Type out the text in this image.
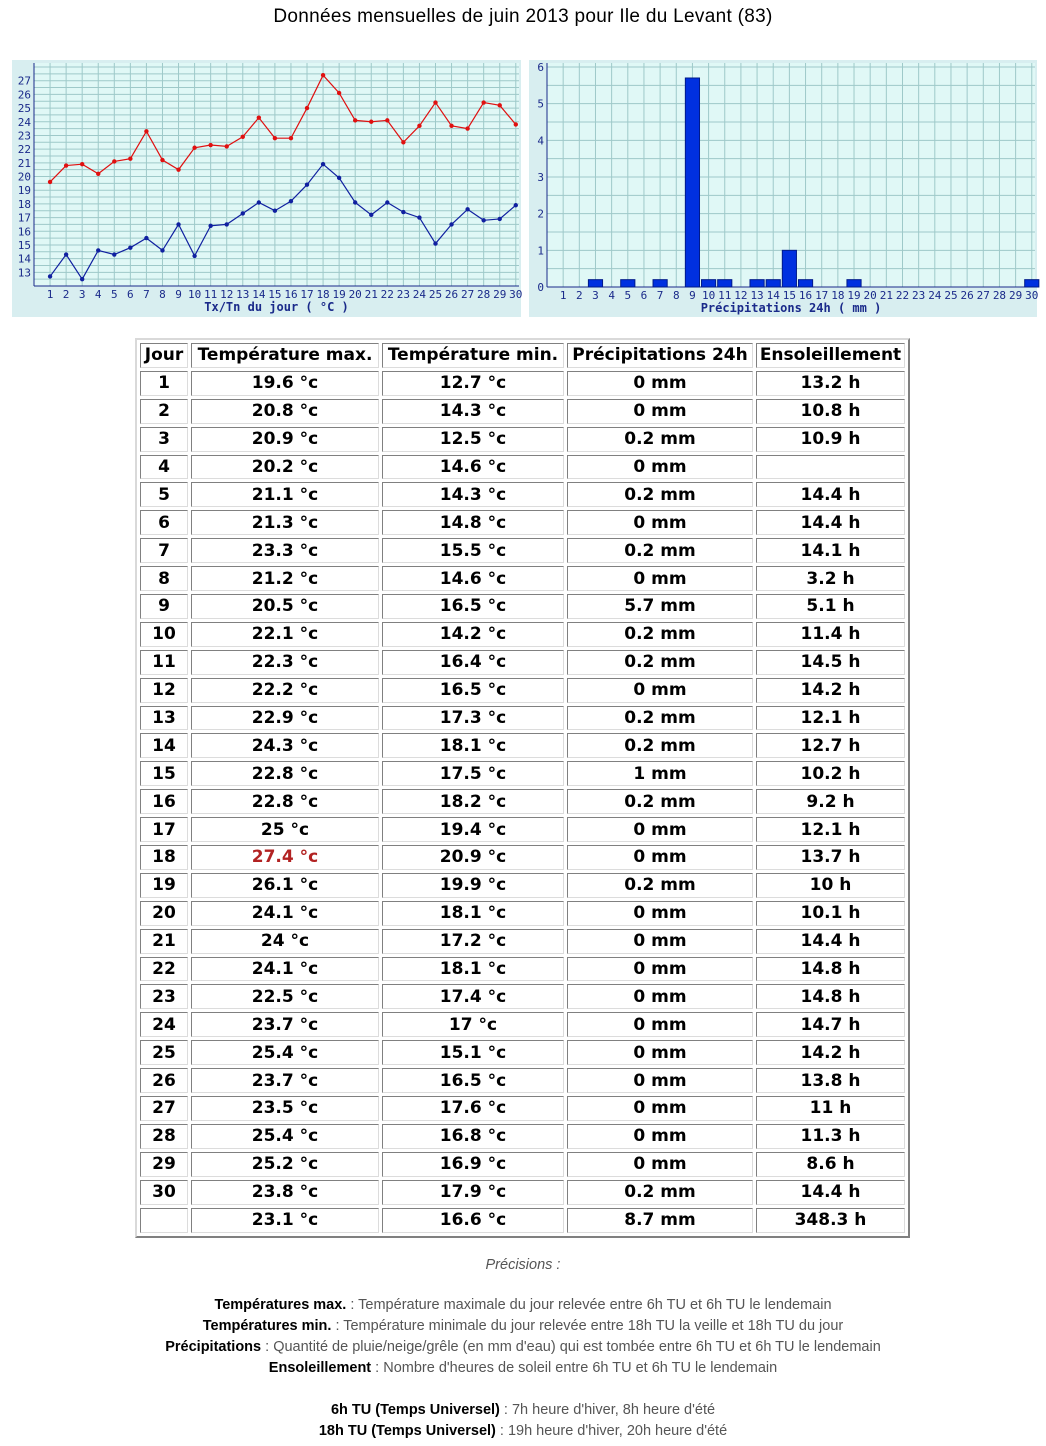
Données mensuelles de juin 2013 pour Ile du Levant (83)
13
14
15
16
17
18
19
20
21
22
23
24
25
26
27
1 2 3 4 5 6 7 8 9 10 11 12 13 14 15 16 17 18 19 20 21 22 23 24 25 26 27 28 29 30
Tx/Tn du jour ( °C )
0
1
2
3
4
5
6
1 2 3 4 5 6 7 8 9 10 11 12 13 14 15 16 17 18 19 20 21 22 23 24 25 26 27 28 29 30
Précipitations 24h ( mm )
Jour	Température max.	Température min.	Précipitations 24h	Ensoleillement
1	19.6 °c	12.7 °c	0 mm	13.2 h
2	20.8 °c	14.3 °c	0 mm	10.8 h
3	20.9 °c	12.5 °c	0.2 mm	10.9 h
4	20.2 °c	14.6 °c	0 mm	
5	21.1 °c	14.3 °c	0.2 mm	14.4 h
6	21.3 °c	14.8 °c	0 mm	14.4 h
7	23.3 °c	15.5 °c	0.2 mm	14.1 h
8	21.2 °c	14.6 °c	0 mm	3.2 h
9	20.5 °c	16.5 °c	5.7 mm	5.1 h
10	22.1 °c	14.2 °c	0.2 mm	11.4 h
11	22.3 °c	16.4 °c	0.2 mm	14.5 h
12	22.2 °c	16.5 °c	0 mm	14.2 h
13	22.9 °c	17.3 °c	0.2 mm	12.1 h
14	24.3 °c	18.1 °c	0.2 mm	12.7 h
15	22.8 °c	17.5 °c	1 mm	10.2 h
16	22.8 °c	18.2 °c	0.2 mm	9.2 h
17	25 °c	19.4 °c	0 mm	12.1 h
18	27.4 °c	20.9 °c	0 mm	13.7 h
19	26.1 °c	19.9 °c	0.2 mm	10 h
20	24.1 °c	18.1 °c	0 mm	10.1 h
21	24 °c	17.2 °c	0 mm	14.4 h
22	24.1 °c	18.1 °c	0 mm	14.8 h
23	22.5 °c	17.4 °c	0 mm	14.8 h
24	23.7 °c	17 °c	0 mm	14.7 h
25	25.4 °c	15.1 °c	0 mm	14.2 h
26	23.7 °c	16.5 °c	0 mm	13.8 h
27	23.5 °c	17.6 °c	0 mm	11 h
28	25.4 °c	16.8 °c	0 mm	11.3 h
29	25.2 °c	16.9 °c	0 mm	8.6 h
30	23.8 °c	17.9 °c	0.2 mm	14.4 h
	23.1 °c	16.6 °c	8.7 mm	348.3 h
Précisions :
Températures max. : Température maximale du jour relevée entre 6h TU et 6h TU le lendemain
Températures min. : Température minimale du jour relevée entre 18h TU la veille et 18h TU du jour
Précipitations : Quantité de pluie/neige/grêle (en mm d'eau) qui est tombée entre 6h TU et 6h TU le lendemain
Ensoleillement : Nombre d'heures de soleil entre 6h TU et 6h TU le lendemain
6h TU (Temps Universel) : 7h heure d'hiver, 8h heure d'été
18h TU (Temps Universel) : 19h heure d'hiver, 20h heure d'été
